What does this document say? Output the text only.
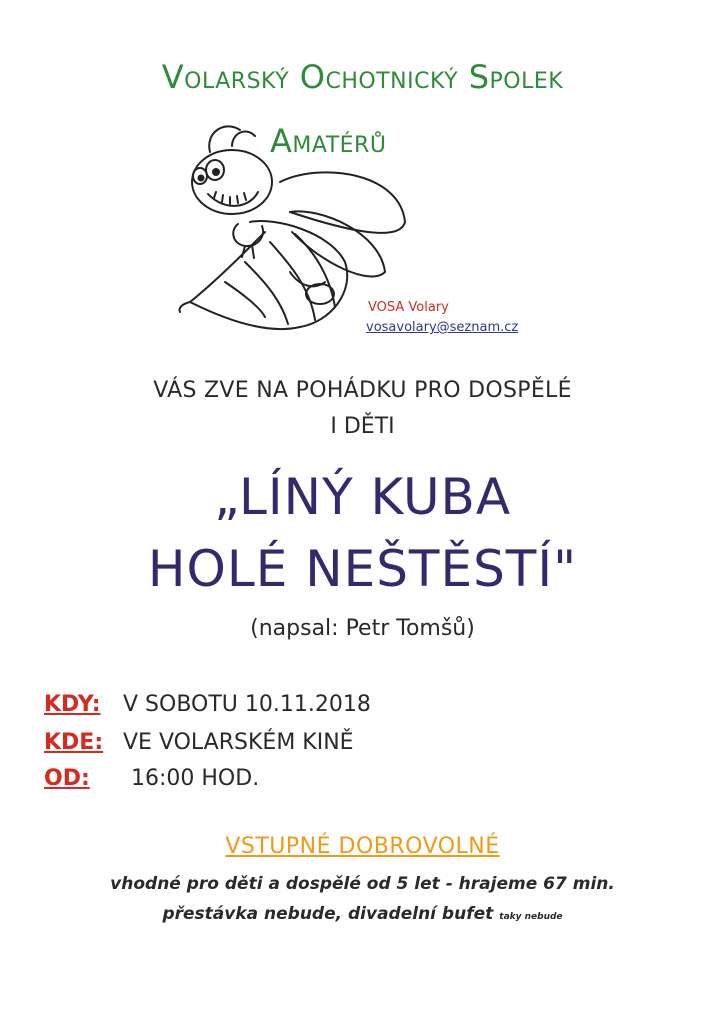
Volarský Ochotnický Spolek
Amatérů
VOSA Volary
vosavolary@seznam.cz
VÁS ZVE NA POHÁDKU PRO DOSPĚLÉ
I DĚTI
„LÍNÝ KUBA
HOLÉ NEŠTĚSTÍ"
(napsal: Petr Tomšů)
KDY: V SOBOTU 10.11.2018
KDE: VE VOLARSKÉM KINĚ
OD: 16:00 HOD.
VSTUPNÉ DOBROVOLNÉ
vhodné pro děti a dospělé od 5 let - hrajeme 67 min.
přestávka nebude, divadelní bufet taky nebude
